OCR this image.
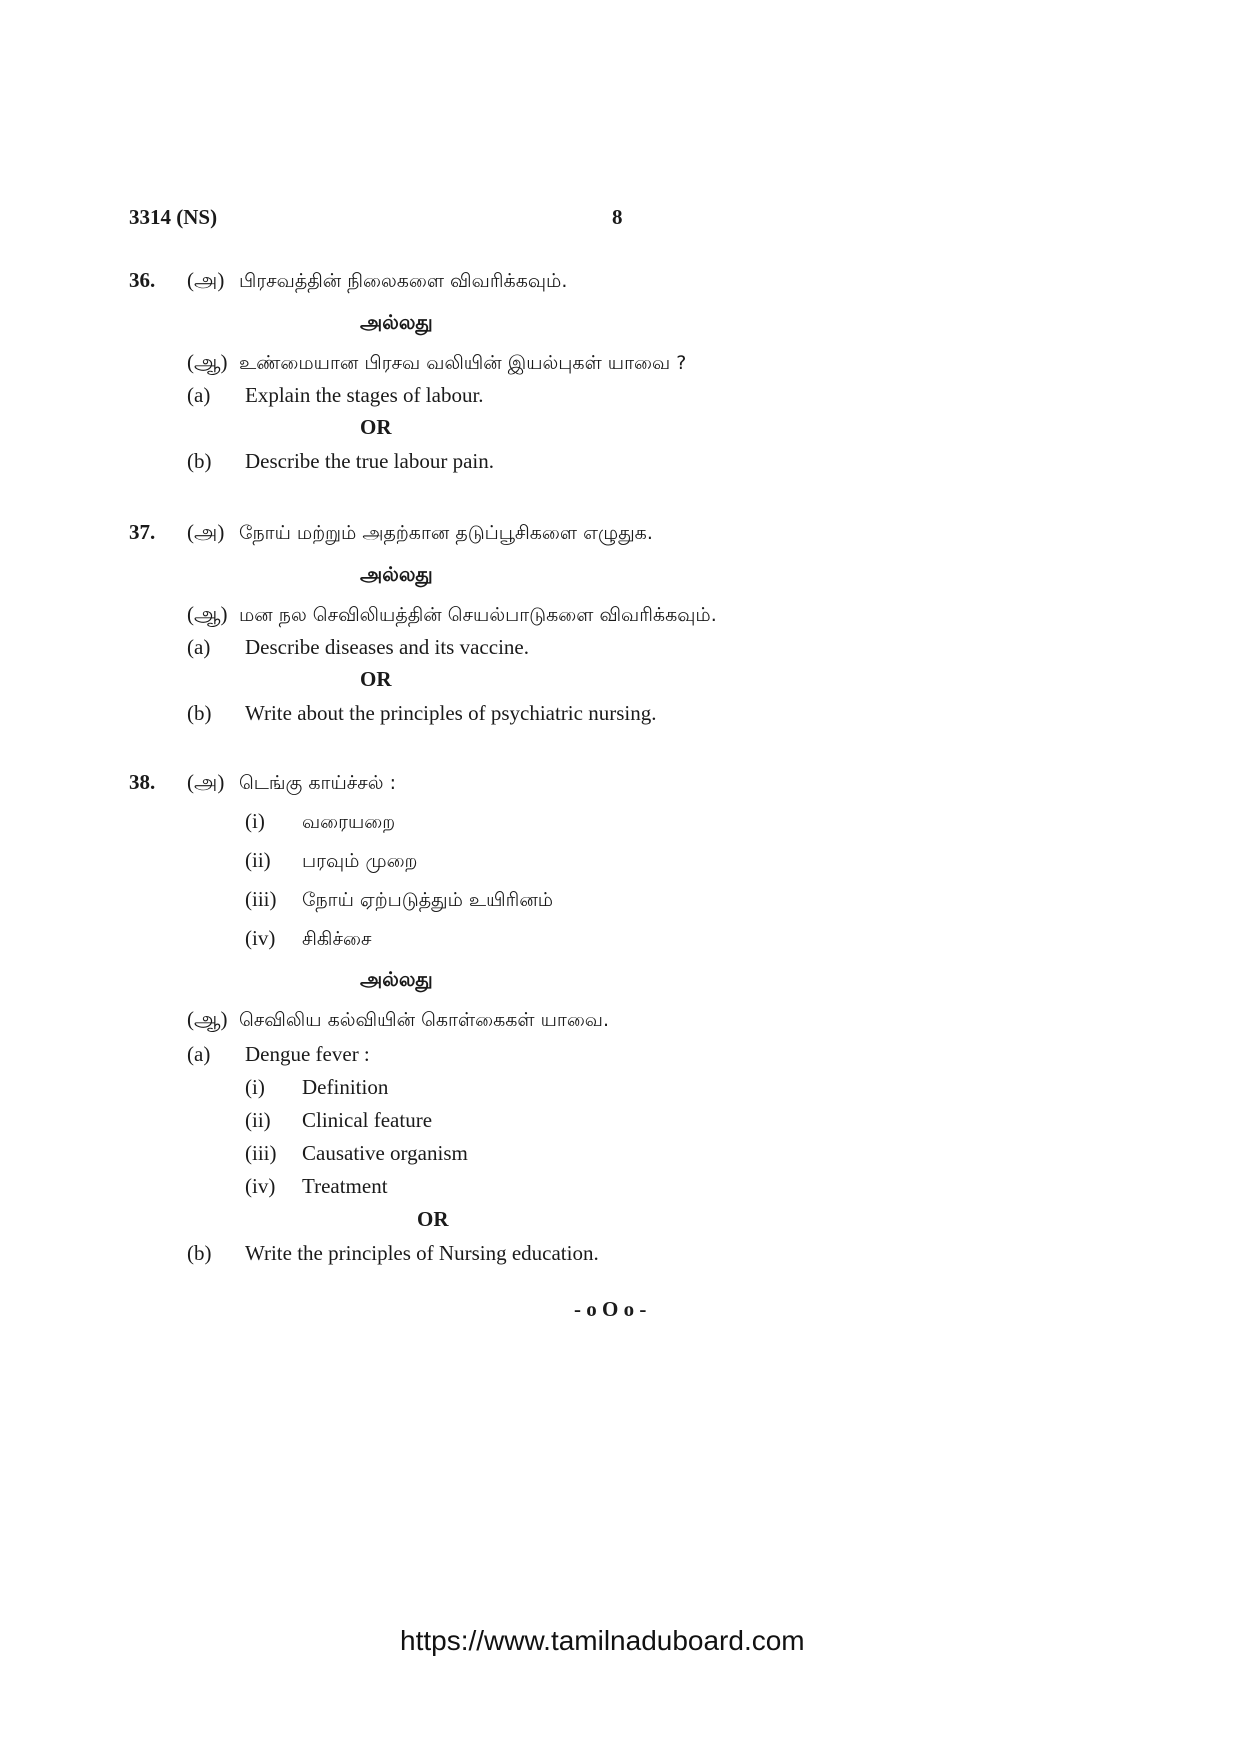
3314 (NS)	8
36. (அ) பிரசவத்தின் நிலைகளை விவரிக்கவும்.
அல்லது
(ஆ) உண்மையான பிரசவ வலியின் இயல்புகள் யாவை ?
(a) Explain the stages of labour.
OR
(b) Describe the true labour pain.
37. (அ) நோய் மற்றும் அதற்கான தடுப்பூசிகளை எழுதுக.
அல்லது
(ஆ) மன நல செவிலியத்தின் செயல்பாடுகளை விவரிக்கவும்.
(a) Describe diseases and its vaccine.
OR
(b) Write about the principles of psychiatric nursing.
38. (அ) டெங்கு காய்ச்சல் :
(i) வரையறை
(ii) பரவும் முறை
(iii) நோய் ஏற்படுத்தும் உயிரினம்
(iv) சிகிச்சை
அல்லது
(ஆ) செவிலிய கல்வியின் கொள்கைகள் யாவை.
(a) Dengue fever :
(i) Definition
(ii) Clinical feature
(iii) Causative organism
(iv) Treatment
OR
(b) Write the principles of Nursing education.
- o O o -
https://www.tamilnaduboard.com
